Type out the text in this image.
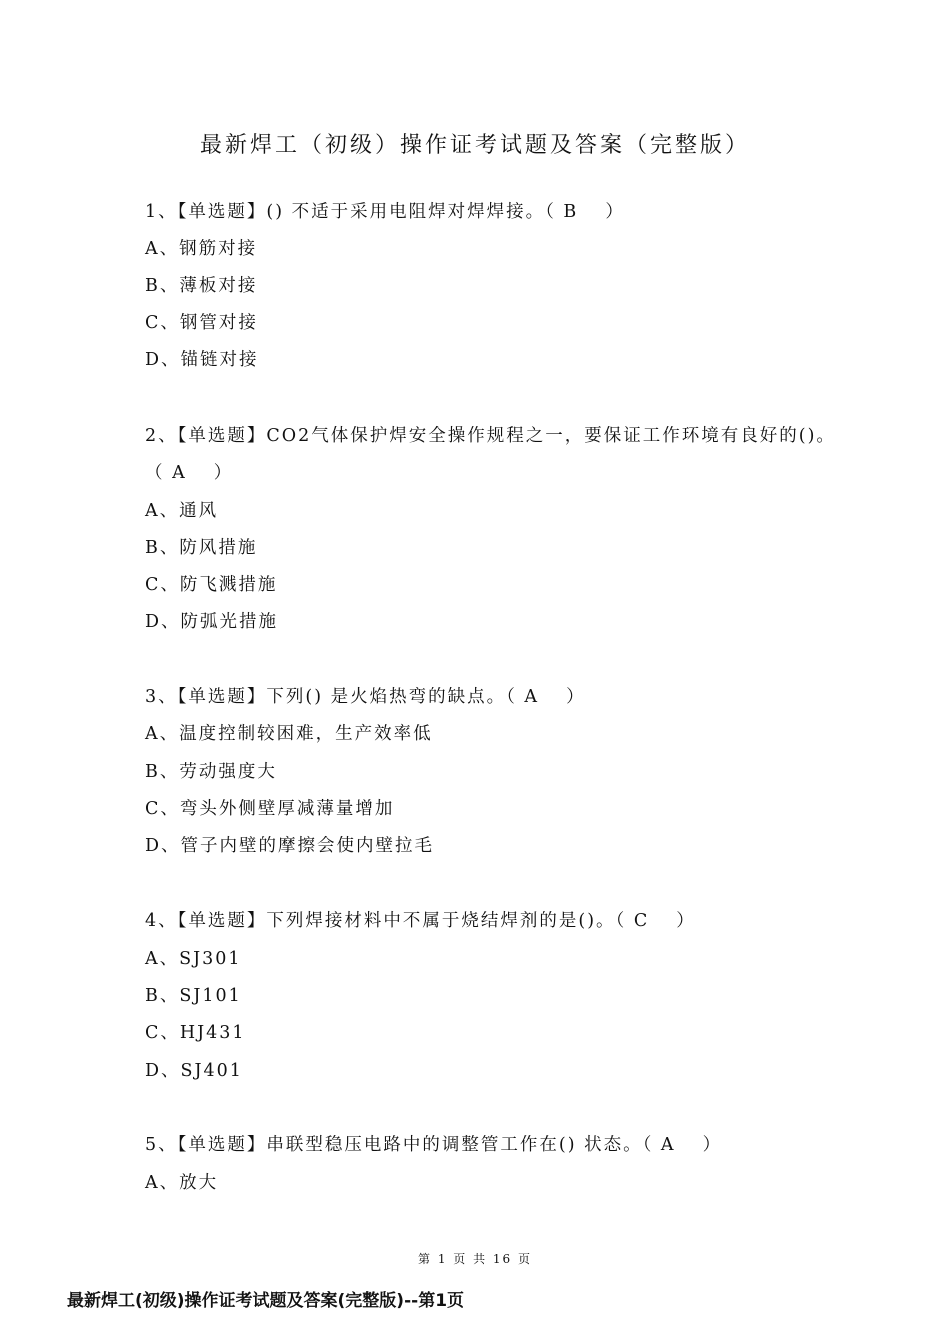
最新焊工（初级）操作证考试题及答案（完整版）
1、【单选题】() 不适于采用电阻焊对焊焊接。（ B　 ）
A、钢筋对接
B、薄板对接
C、钢管对接
D、锚链对接
2、【单选题】CO2气体保护焊安全操作规程之一，要保证工作环境有良好的()。
（ A　 ）
A、通风
B、防风措施
C、防飞溅措施
D、防弧光措施
3、【单选题】下列() 是火焰热弯的缺点。（ A　 ）
A、温度控制较困难，生产效率低
B、劳动强度大
C、弯头外侧壁厚减薄量增加
D、管子内壁的摩擦会使内壁拉毛
4、【单选题】下列焊接材料中不属于烧结焊剂的是()。（ C　 ）
A、SJ301
B、SJ101
C、HJ431
D、SJ401
5、【单选题】串联型稳压电路中的调整管工作在() 状态。（ A　 ）
A、放大
第 1 页 共 16 页
最新焊工(初级)操作证考试题及答案(完整版)--第1页
